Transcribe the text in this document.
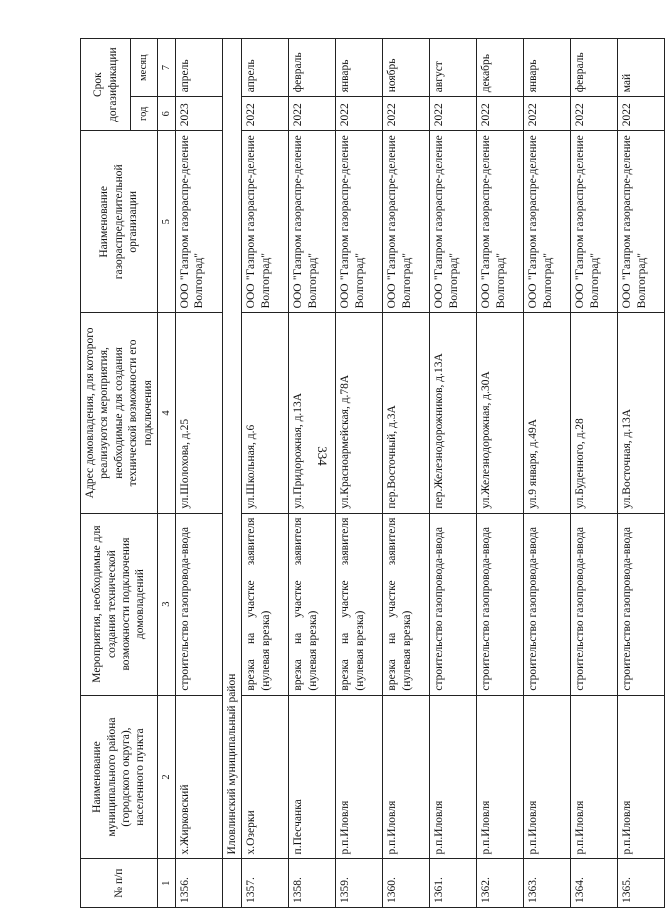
334
№ п/п	Наименование муниципального района (городского округа), населенного пункта	Мероприятия, необходимые для создания технической возможности подключения домовладений	Адрес домовладения, для которого реализуются мероприятия, необходимые для создания технической возможности его подключения	Наименование газораспределительной организации	Срок догазификации	
					год	месяц
1	2	3	4	5	6	7
1356.	х.Жирковский	строительство газопровода-ввода	ул.Шолохова, д.25	ООО "Газпром газораспре-деление Волгоград"	2023	апрель
	Иловлинский муниципальный район					
1357.	х.Озерки	врезка на участке заявителя (нулевая врезка)	ул.Школьная, д.6	ООО "Газпром газораспре-деление Волгоград"	2022	апрель
1358.	п.Песчанка	врезка на участке заявителя (нулевая врезка)	ул.Придорожная, д.13А	ООО "Газпром газораспре-деление Волгоград"	2022	февраль
1359.	р.п.Иловля	врезка на участке заявителя (нулевая врезка)	ул.Красноармейская, д.78А	ООО "Газпром газораспре-деление Волгоград"	2022	январь
1360.	р.п.Иловля	врезка на участке заявителя (нулевая врезка)	пер.Восточный, д.3А	ООО "Газпром газораспре-деление Волгоград"	2022	ноябрь
1361.	р.п.Иловля	строительство газопровода-ввода	пер.Железнодорожников, д.13А	ООО "Газпром газораспре-деление Волгоград"	2022	август
1362.	р.п.Иловля	строительство газопровода-ввода	ул.Железнодорожная, д.30А	ООО "Газпром газораспре-деление Волгоград"	2022	декабрь
1363.	р.п.Иловля	строительство газопровода-ввода	ул.9 января, д.49А	ООО "Газпром газораспре-деление Волгоград"	2022	январь
1364.	р.п.Иловля	строительство газопровода-ввода	ул.Буденного, д.28	ООО "Газпром газораспре-деление Волгоград"	2022	февраль
1365.	р.п.Иловля	строительство газопровода-ввода	ул.Восточная, д.13А	ООО "Газпром газораспре-деление Волгоград"	2022	май
